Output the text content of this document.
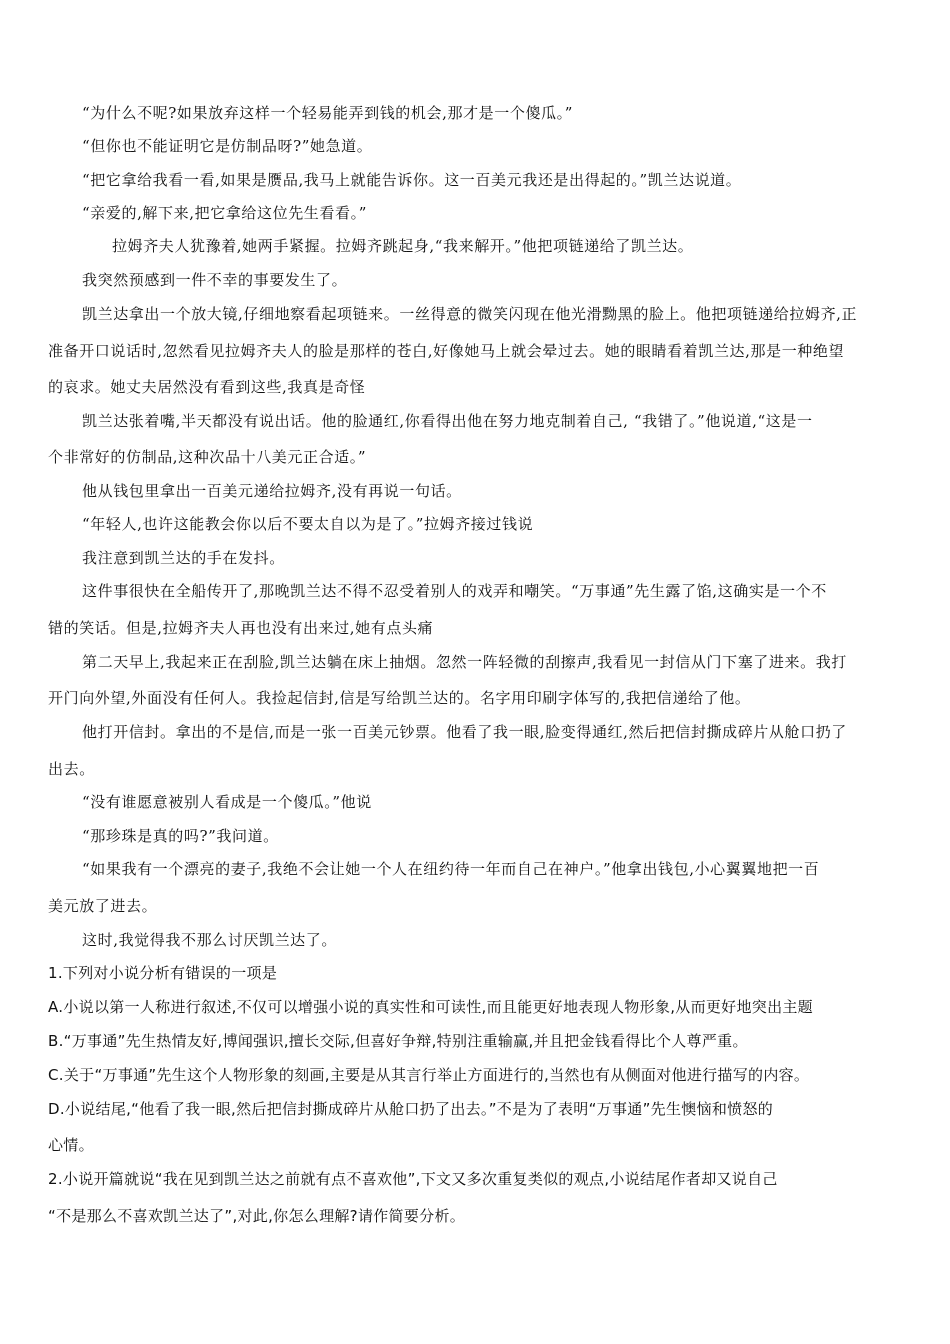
“为什么不呢?如果放弃这样一个轻易能弄到钱的机会,那才是一个傻瓜。”
“但你也不能证明它是仿制品呀?”她急道。
“把它拿给我看一看,如果是赝品,我马上就能告诉你。这一百美元我还是出得起的。”凯兰达说道。
“亲爱的,解下来,把它拿给这位先生看看。”
拉姆齐夫人犹豫着,她两手紧握。拉姆齐跳起身,“我来解开。”他把项链递给了凯兰达。
我突然预感到一件不幸的事要发生了。
凯兰达拿出一个放大镜,仔细地察看起项链来。一丝得意的微笑闪现在他光滑黝黑的脸上。他把项链递给拉姆齐,正
准备开口说话时,忽然看见拉姆齐夫人的脸是那样的苍白,好像她马上就会晕过去。她的眼睛看着凯兰达,那是一种绝望
的哀求。她丈夫居然没有看到这些,我真是奇怪
凯兰达张着嘴,半天都没有说出话。他的脸通红,你看得出他在努力地克制着自己, “我错了。”他说道,“这是一
个非常好的仿制品,这种次品十八美元正合适。”
他从钱包里拿出一百美元递给拉姆齐,没有再说一句话。
“年轻人,也许这能教会你以后不要太自以为是了。”拉姆齐接过钱说
我注意到凯兰达的手在发抖。
这件事很快在全船传开了,那晚凯兰达不得不忍受着别人的戏弄和嘲笑。“万事通”先生露了馅,这确实是一个不
错的笑话。但是,拉姆齐夫人再也没有出来过,她有点头痛
第二天早上,我起来正在刮脸,凯兰达躺在床上抽烟。忽然一阵轻微的刮擦声,我看见一封信从门下塞了进来。我打
开门向外望,外面没有任何人。我捡起信封,信是写给凯兰达的。名字用印刷字体写的,我把信递给了他。
他打开信封。拿出的不是信,而是一张一百美元钞票。他看了我一眼,脸变得通红,然后把信封撕成碎片从舱口扔了
出去。
“没有谁愿意被别人看成是一个傻瓜。”他说
“那珍珠是真的吗?”我问道。
“如果我有一个漂亮的妻子,我绝不会让她一个人在纽约待一年而自己在神户。”他拿出钱包,小心翼翼地把一百
美元放了进去。
这时,我觉得我不那么讨厌凯兰达了。
1.下列对小说分析有错误的一项是
A.小说以第一人称进行叙述,不仅可以增强小说的真实性和可读性,而且能更好地表现人物形象,从而更好地突出主题
B.“万事通”先生热情友好,博闻强识,擅长交际,但喜好争辩,特别注重输赢,并且把金钱看得比个人尊严重。
C.关于“万事通”先生这个人物形象的刻画,主要是从其言行举止方面进行的,当然也有从侧面对他进行描写的内容。
D.小说结尾,“他看了我一眼,然后把信封撕成碎片从舱口扔了出去。”不是为了表明“万事通”先生懊恼和愤怒的
心情。
2.小说开篇就说“我在见到凯兰达之前就有点不喜欢他”,下文又多次重复类似的观点,小说结尾作者却又说自己
“不是那么不喜欢凯兰达了”,对此,你怎么理解?请作简要分析。
